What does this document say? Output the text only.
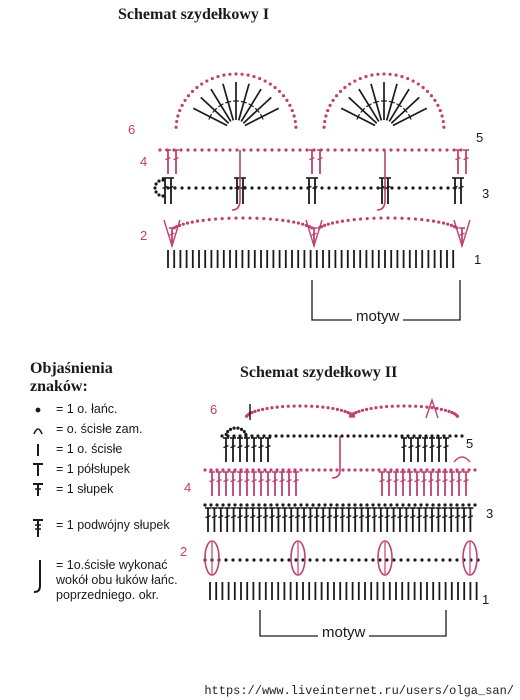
Schemat szydełkowy I
Schemat szydełkowy II
1
2
3
4
5
6
1
2
3
4
5
6
motyw
motyw
Objaśnienia
znaków:
= 1 o. łańc.
= o. ścisłe zam.
= 1 o. ścisłe
= 1 półsłupek
= 1 słupek
= 1 podwójny słupek
= 1o.ścisłe wykonać wokół obu łuków łańc. poprzedniego. okr.
https://www.liveinternet.ru/users/olga_san/
